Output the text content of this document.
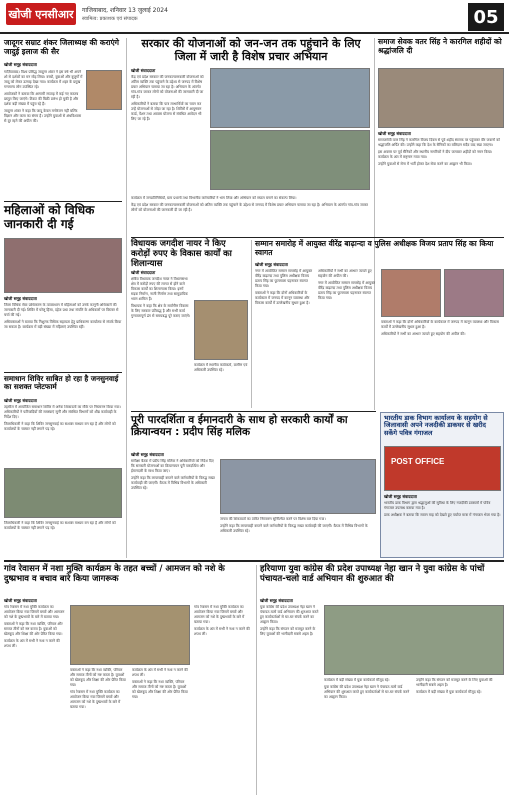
खोजी एनसीआर	गाजियाबाद, शनिवार 13 जुलाई 2024
स्वामित्व: प्रकाशक एवं संपादक	05
जादूगर सम्राट शंकर जिलाध्यक्ष की कराएंगे जादुई इलाज की सैर
खोजी समूह संवाददाता

गाज़ियाबाद। विश्व प्रसिद्ध जादूगर शंकर ने इस वर्ष भी अपने शो से दर्शकों का मन मोह लिया। बच्चों, युवाओं और बुजुर्गों में जादू को लेकर उत्साह देखा गया। कार्यक्रम में शहर के प्रमुख गणमान्य लोग उपस्थित रहे।

आयोजकों ने बताया कि आगामी सप्ताह में कई नए करतब प्रस्तुत किए जाएंगे। टिकट की बिक्री प्रारंभ हो चुकी है और दर्शक बड़ी संख्या में पहुंच रहे हैं।

जादूगर शंकर ने कहा कि जादू केवल मनोरंजन नहीं बल्कि विज्ञान और कला का संगम है। उन्होंने युवाओं से अंधविश्वास से दूर रहने की अपील की।

महिलाओं को विधिक जानकारी दी गई
खोजी समूह संवाददाता

जिला विधिक सेवा प्राधिकरण के तत्वावधान में महिलाओं को उनके कानूनी अधिकारों की जानकारी दी गई। शिविर में घरेलू हिंसा, दहेज प्रथा तथा संपत्ति के अधिकारों पर विस्तार से चर्चा की गई।

अधिवक्ताओं ने बताया कि निशुल्क विधिक सहायता हेतु प्राधिकरण कार्यालय से संपर्क किया जा सकता है। कार्यक्रम में बड़ी संख्या में महिलाएं उपस्थित रहीं।

समाधान शिविर साबित हो रहा है जनसुनवाई का सशक्त प्लेटफार्म
खोजी समूह संवाददाता

तहसील में आयोजित समाधान शिविर में अनेक शिकायतों का मौके पर निस्तारण किया गया। अधिकारियों ने फरियादियों की समस्याएं सुनीं और संबंधित विभागों को शीघ्र कार्यवाही के निर्देश दिए।

जिलाधिकारी ने कहा कि शिविर जनसुनवाई का सशक्त माध्यम बन रहा है और लोगों को कार्यालयों के चक्कर नहीं लगाने पड़ रहे।

जिलाधिकारी ने कहा कि शिविर जनसुनवाई का सशक्त माध्यम बन रहा है और लोगों को कार्यालयों के चक्कर नहीं लगाने पड़ रहे।

सरकार की योजनाओं को जन-जन तक पहुंचाने के लिए जिला में जारी है विशेष प्रचार अभियान
खोजी संवाददाता

केंद्र एवं प्रदेश सरकार की जनकल्याणकारी योजनाओं को अंतिम व्यक्ति तक पहुंचाने के उद्देश्य से जनपद में विशेष प्रचार अभियान चलाया जा रहा है। अभियान के अंतर्गत गांव-गांव जाकर लोगों को योजनाओं की जानकारी दी जा रही है।

अधिकारियों ने बताया कि पात्र लाभार्थियों का चयन कर उन्हें योजनाओं से जोड़ा जा रहा है। शिविरों में आयुष्मान कार्ड, पेंशन तथा आवास योजना से संबंधित आवेदन भी लिए जा रहे हैं।

कार्यक्रम में जनप्रतिनिधियों, ग्राम प्रधानों तथा विभागीय कर्मचारियों ने भाग लिया और अभियान को सफल बनाने का संकल्प लिया।

केंद्र एवं प्रदेश सरकार की जनकल्याणकारी योजनाओं को अंतिम व्यक्ति तक पहुंचाने के उद्देश्य से जनपद में विशेष प्रचार अभियान चलाया जा रहा है। अभियान के अंतर्गत गांव-गांव जाकर लोगों को योजनाओं की जानकारी दी जा रही है।

समाज सेवक वतर सिंह ने कारगिल शहीदों को श्रद्धांजलि दी
खोजी समूह संवाददाता

समाजसेवी वतर सिंह ने कारगिल विजय दिवस से पूर्व शहीद स्मारक पर पहुंचकर वीर जवानों को श्रद्धांजलि अर्पित की। उन्होंने कहा कि देश के सैनिकों का बलिदान सदैव याद रखा जाएगा।

इस अवसर पर पूर्व सैनिकों और स्थानीय नागरिकों ने दीप जलाकर शहीदों को नमन किया। कार्यक्रम के अंत में राष्ट्रगान गाया गया।

उन्होंने युवाओं से सेना में भर्ती होकर देश सेवा करने का आह्वान भी किया।

विधायक जगदीश नायर ने किए करोड़ों रुपए के विकास कार्यों का शिलान्यास
खोजी संवाददाता

क्षेत्रीय विधायक जगदीश नायर ने विधानसभा क्षेत्र में करोड़ों रुपए की लागत से होने वाले विकास कार्यों का शिलान्यास किया। इनमें सड़क निर्माण, नाली निर्माण तथा सामुदायिक भवन शामिल हैं।

विधायक ने कहा कि क्षेत्र के सर्वांगीण विकास के लिए सरकार प्रतिबद्ध है और सभी कार्य गुणवत्तापूर्ण ढंग से समयबद्ध पूरे कराए जाएंगे।

कार्यक्रम में स्थानीय कार्यकर्ता, ग्रामीण एवं अधिकारी उपस्थित रहे।

सम्मान समारोह में आयुक्त वीरेंद्र बाढ़ान्दा व पुलिस अधीक्षक विजय प्रताप सिंह का किया स्वागत
खोजी समूह संवाददाता

नगर में आयोजित सम्मान समारोह में आयुक्त वीरेंद्र बाढ़ान्दा तथा पुलिस अधीक्षक विजय प्रताप सिंह का फूलमाला पहनाकर स्वागत किया गया।

वक्ताओं ने कहा कि दोनों अधिकारियों के कार्यकाल में जनपद में कानून व्यवस्था और विकास कार्यों में उल्लेखनीय सुधार हुआ है।

अधिकारियों ने सभी का आभार जताते हुए सहयोग की अपील की।

नगर में आयोजित सम्मान समारोह में आयुक्त वीरेंद्र बाढ़ान्दा तथा पुलिस अधीक्षक विजय प्रताप सिंह का फूलमाला पहनाकर स्वागत किया गया।

वक्ताओं ने कहा कि दोनों अधिकारियों के कार्यकाल में जनपद में कानून व्यवस्था और विकास कार्यों में उल्लेखनीय सुधार हुआ है।

अधिकारियों ने सभी का आभार जताते हुए सहयोग की अपील की।

पूरी पारदर्शिता व ईमानदारी के साथ हो सरकारी कार्यों का क्रियान्वयन : प्रदीप सिंह मलिक
खोजी समूह संवाददाता

समीक्षा बैठक में प्रदीप सिंह मलिक ने अधिकारियों को निर्देश दिए कि सरकारी योजनाओं का क्रियान्वयन पूरी पारदर्शिता और ईमानदारी के साथ किया जाए।

उन्होंने कहा कि लापरवाही बरतने वाले कर्मचारियों के विरुद्ध सख्त कार्यवाही की जाएगी। बैठक में विभिन्न विभागों के अधिकारी उपस्थित रहे।

जनता की शिकायतों का त्वरित निस्तारण सुनिश्चित करने पर विशेष बल दिया गया।

उन्होंने कहा कि लापरवाही बरतने वाले कर्मचारियों के विरुद्ध सख्त कार्यवाही की जाएगी। बैठक में विभिन्न विभागों के अधिकारी उपस्थित रहे।

भारतीय डाक विभाग कार्यालय के सहयोग से जिलावासी अपने नजदीकी डाकघर से खरीद सकेंगे पवित्र गंगाजल
POST OFFICE
खोजी समूह संवाददाता

भारतीय डाक विभाग द्वारा श्रद्धालुओं की सुविधा के लिए नजदीकी डाकघरों में पवित्र गंगाजल उपलब्ध कराया गया है।

डाक अधीक्षक ने बताया कि सावन माह को देखते हुए पर्याप्त मात्रा में गंगाजल भेजा गया है।

गांव रेवासन में नशा मुक्ति कार्यक्रम के तहत बच्चों / आमजन को नशे के दुष्प्रभाव व बचाव बारे किया जागरूक
खोजी समूह संवाददाता

गांव रेवासन में नशा मुक्ति कार्यक्रम का आयोजन किया गया जिसमें बच्चों और आमजन को नशे के दुष्प्रभावों के बारे में बताया गया।

वक्ताओं ने कहा कि नशा व्यक्ति, परिवार और समाज तीनों को नष्ट करता है। युवाओं को खेलकूद और शिक्षा की ओर प्रेरित किया गया।

कार्यक्रम के अंत में सभी ने नशा न करने की शपथ ली।

वक्ताओं ने कहा कि नशा व्यक्ति, परिवार और समाज तीनों को नष्ट करता है। युवाओं को खेलकूद और शिक्षा की ओर प्रेरित किया गया।

गांव रेवासन में नशा मुक्ति कार्यक्रम का आयोजन किया गया जिसमें बच्चों और आमजन को नशे के दुष्प्रभावों के बारे में बताया गया।

कार्यक्रम के अंत में सभी ने नशा न करने की शपथ ली।

वक्ताओं ने कहा कि नशा व्यक्ति, परिवार और समाज तीनों को नष्ट करता है। युवाओं को खेलकूद और शिक्षा की ओर प्रेरित किया गया।

गांव रेवासन में नशा मुक्ति कार्यक्रम का आयोजन किया गया जिसमें बच्चों और आमजन को नशे के दुष्प्रभावों के बारे में बताया गया।

कार्यक्रम के अंत में सभी ने नशा न करने की शपथ ली।

हरियाणा युवा कांग्रेस की प्रदेश उपाध्यक्ष नेहा खान ने युवा कांग्रेस के पांचों पंचायत-चलो वार्ड अभियान की शुरुआत की
खोजी समूह संवाददाता

युवा कांग्रेस की प्रदेश उपाध्यक्ष नेहा खान ने पंचायत-चलो वार्ड अभियान की शुरुआत करते हुए कार्यकर्ताओं से घर-घर संपर्क करने का आह्वान किया।

उन्होंने कहा कि संगठन को मजबूत करने के लिए युवाओं की भागीदारी सबसे अहम है।

कार्यक्रम में बड़ी संख्या में युवा कार्यकर्ता मौजूद रहे।

युवा कांग्रेस की प्रदेश उपाध्यक्ष नेहा खान ने पंचायत-चलो वार्ड अभियान की शुरुआत करते हुए कार्यकर्ताओं से घर-घर संपर्क करने का आह्वान किया।

उन्होंने कहा कि संगठन को मजबूत करने के लिए युवाओं की भागीदारी सबसे अहम है।

कार्यक्रम में बड़ी संख्या में युवा कार्यकर्ता मौजूद रहे।
